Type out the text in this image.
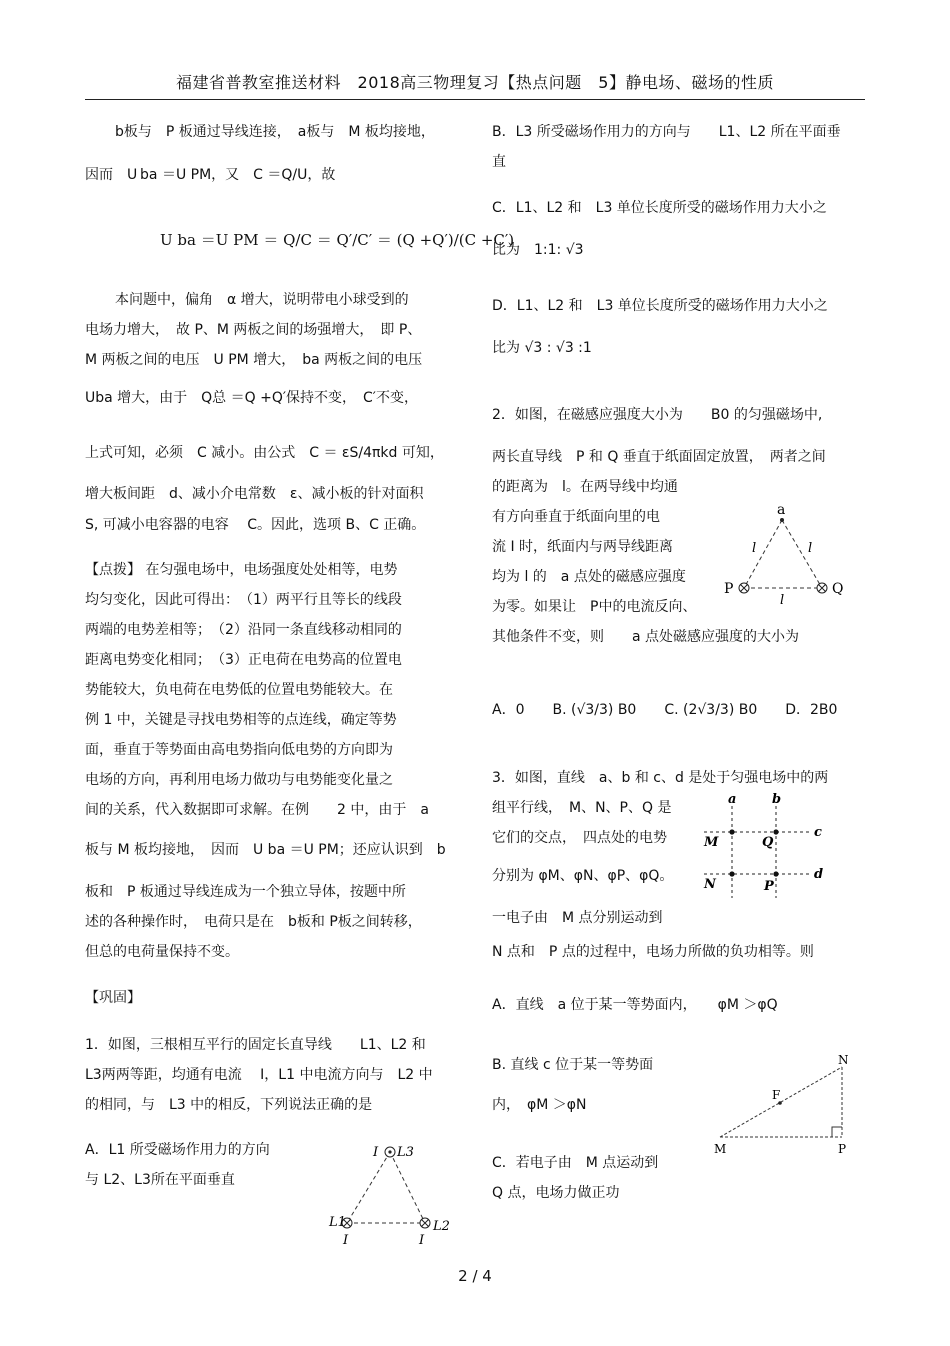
福建省普教室推送材料　2018高三物理复习【热点问题　5】静电场、磁场的性质
b板与　P 板通过导线连接，　a板与　M 板均接地，
因而　U ba ＝U PM，又　C ＝Q/U，故
U ba ＝U PM ＝ Q/C ＝ Q′/C′ ＝ (Q +Q′)/(C +C′)
本问题中，偏角　α 增大，说明带电小球受到的
电场力增大，　故 P、M 两板之间的场强增大，　即 P、
M 两板之间的电压　U PM 增大，　ba 两板之间的电压
Uba 增大，由于　Q总 ＝Q +Q′保持不变，　C′不变，
上式可知，必须　C 减小。由公式　C ＝ εS/4πkd 可知，
增大板间距　d、减小介电常数　ε、减小板的针对面积
S, 可减小电容器的电容　 C。因此，选项 B、C 正确。
【点拨】 在匀强电场中，电场强度处处相等，电势
均匀变化，因此可得出：　（1）两平行且等长的线段
两端的电势差相等；　（2）沿同一条直线移动相同的
距离电势变化相同；　（3）正电荷在电势高的位置电
势能较大，负电荷在电势低的位置电势能较大。在
例 1 中，关键是寻找电势相等的点连线，确定等势
面，垂直于等势面由高电势指向低电势的方向即为
电场的方向，再利用电场力做功与电势能变化量之
间的关系，代入数据即可求解。在例　　2 中，由于　a
板与 M 板均接地，　因而　U ba ＝U PM；还应认识到　b
板和　P 板通过导线连成为一个独立导体，按题中所
述的各种操作时，　电荷只是在　b板和 P板之间转移，
但总的电荷量保持不变。
【巩固】
1．如图，三根相互平行的固定长直导线　　L1、L2 和
L3两两等距，均通有电流　 I，L1 中电流方向与　L2 中
的相同，与　L3 中的相反，下列说法正确的是
A．L1 所受磁场作用力的方向
与 L2、L3所在平面垂直
I L3
L1
I
L2
I
B．L3 所受磁场作用力的方向与　　L1、L2 所在平面垂
直
C．L1、L2 和　L3 单位长度所受的磁场作用力大小之
比为　1:1: √3
D．L1、L2 和　L3 单位长度所受的磁场作用力大小之
比为 √3 : √3 :1
2．如图，在磁感应强度大小为　　B0 的匀强磁场中,
两长直导线　P 和 Q 垂直于纸面固定放置，　两者之间
的距离为　l。在两导线中均通
有方向垂直于纸面向里的电
流 I 时，纸面内与两导线距离
均为 l 的　a 点处的磁感应强度
为零。如果让　P中的电流反向、
其他条件不变，则　　a 点处磁感应强度的大小为
A．0　　B. (√3/3) B0　　C. (2√3/3) B0　　D．2B0
a
l	l
l
P	Q
3．如图，直线　a、b 和 c、d 是处于匀强电场中的两
组平行线，　M、N、P、Q 是
它们的交点，　四点处的电势
分别为 φM、φN、φP、φQ。
一电子由　M 点分别运动到
N 点和　P 点的过程中，电场力所做的负功相等。则
A．直线　a 位于某一等势面内，　　φM ＞φQ
B. 直线 c 位于某一等势面
内，　φM ＞φN
C．若电子由　M 点运动到
Q 点，电场力做正功
a	b
c
d
M	Q
N	P
N
F
M	P
2 / 4
